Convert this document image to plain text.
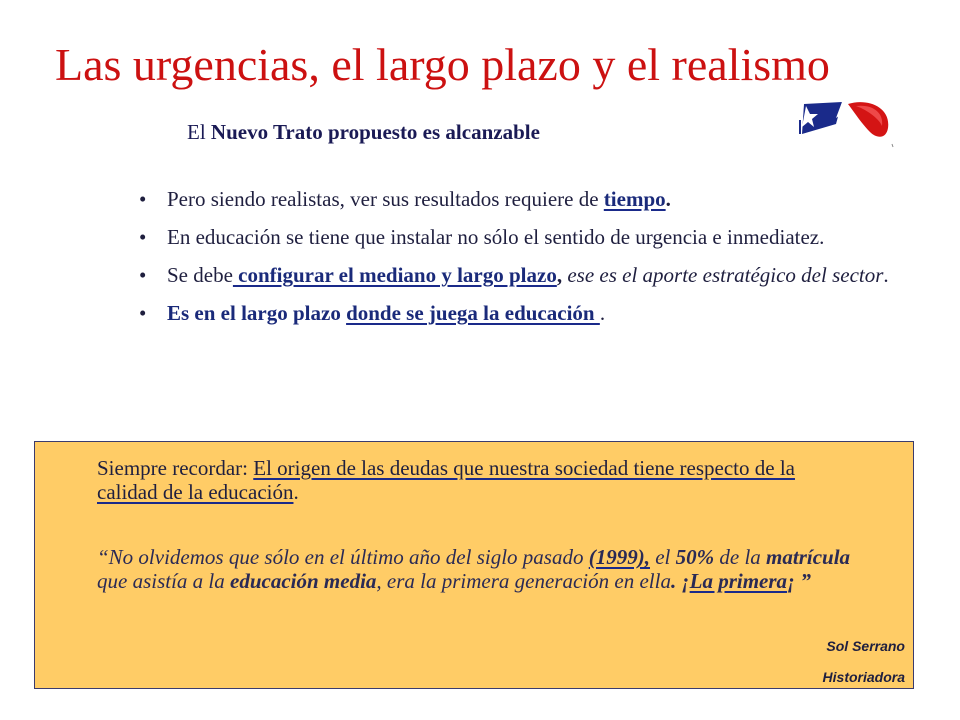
Las urgencias, el largo plazo y el realismo
El Nuevo Trato propuesto es alcanzable
• Pero siendo realistas, ver sus resultados requiere de tiempo.
• En educación se tiene que instalar no sólo el sentido de urgencia e inmediatez.
• Se debe configurar el mediano y largo plazo, ese es el aporte estratégico del sector.
• Es en el largo plazo donde se juega la educación .
Siempre recordar: El origen de las deudas que nuestra sociedad tiene respecto de la calidad de la educación.
“No olvidemos que sólo en el último año del siglo pasado (1999), el 50% de la matrícula que asistía a la educación media, era la primera generación en ella. ¡La primera¡ ”
Sol Serrano
Historiadora
